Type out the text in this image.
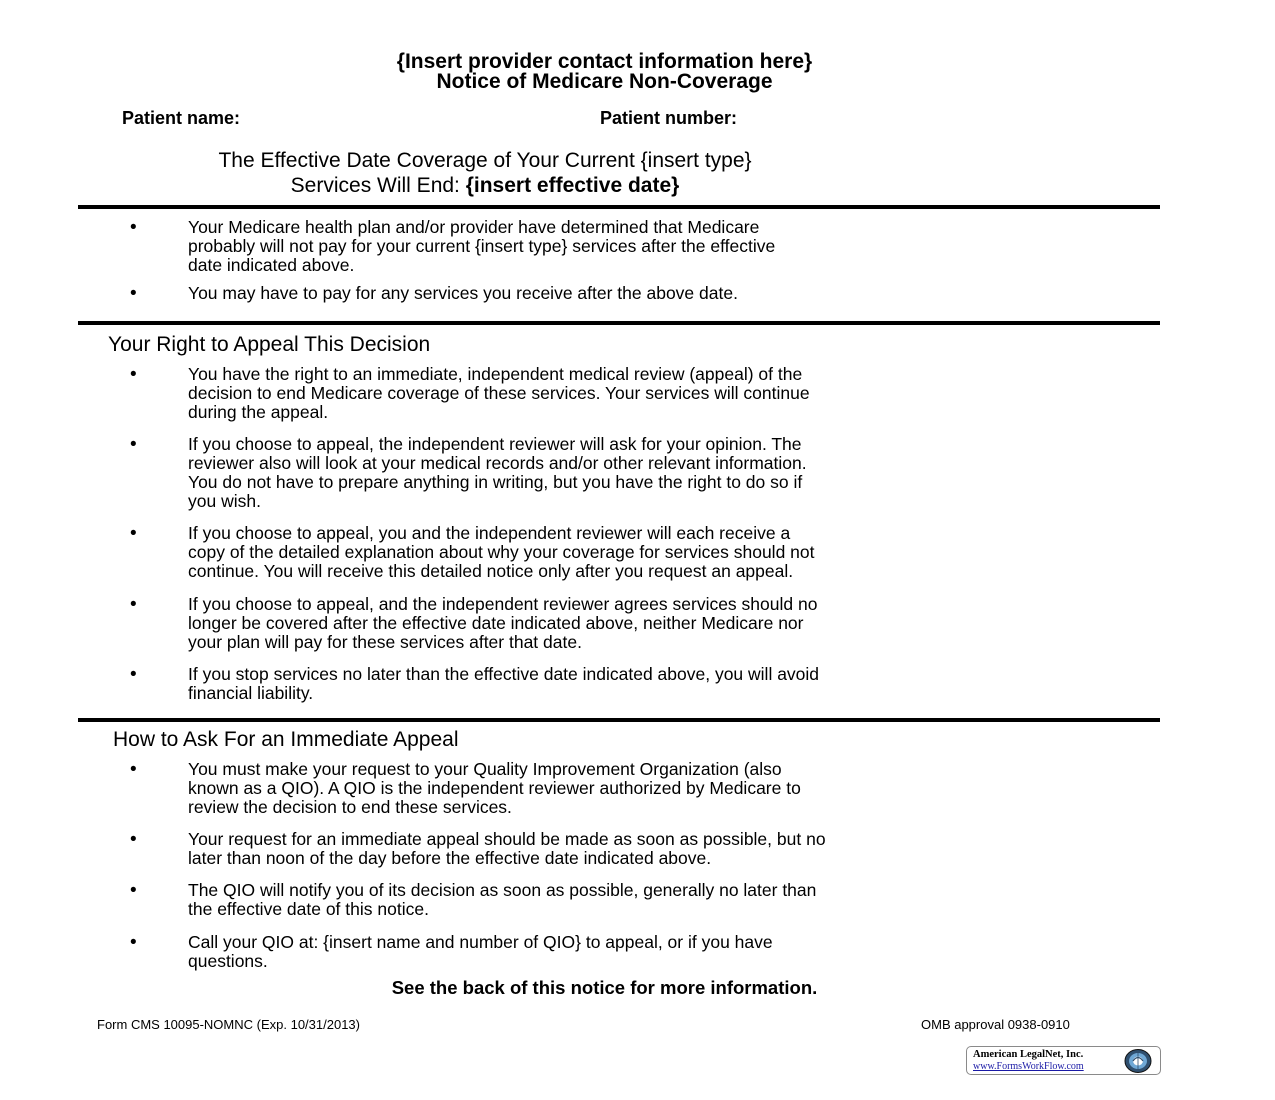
{Insert provider contact information here}
Notice of Medicare Non-Coverage
Patient name:	Patient number:
The Effective Date Coverage of Your Current {insert type}
Services Will End: {insert effective date}
•	Your Medicare health plan and/or provider have determined that Medicare
probably will not pay for your current {insert type} services after the effective
date indicated above.
•	You may have to pay for any services you receive after the above date.
Your Right to Appeal This Decision
•	You have the right to an immediate, independent medical review (appeal) of the
decision to end Medicare coverage of these services. Your services will continue
during the appeal.
•	If you choose to appeal, the independent reviewer will ask for your opinion. The
reviewer also will look at your medical records and/or other relevant information.
You do not have to prepare anything in writing, but you have the right to do so if
you wish.
•	If you choose to appeal, you and the independent reviewer will each receive a
copy of the detailed explanation about why your coverage for services should not
continue. You will receive this detailed notice only after you request an appeal.
•	If you choose to appeal, and the independent reviewer agrees services should no
longer be covered after the effective date indicated above, neither Medicare nor
your plan will pay for these services after that date.
•	If you stop services no later than the effective date indicated above, you will avoid
financial liability.
How to Ask For an Immediate Appeal
•	You must make your request to your Quality Improvement Organization (also
known as a QIO). A QIO is the independent reviewer authorized by Medicare to
review the decision to end these services.
•	Your request for an immediate appeal should be made as soon as possible, but no
later than noon of the day before the effective date indicated above.
•	The QIO will notify you of its decision as soon as possible, generally no later than
the effective date of this notice.
•	Call your QIO at: {insert name and number of QIO} to appeal, or if you have
questions.
See the back of this notice for more information.
Form CMS 10095-NOMNC (Exp. 10/31/2013)	OMB approval 0938-0910
American LegalNet, Inc.
www.FormsWorkFlow.com
